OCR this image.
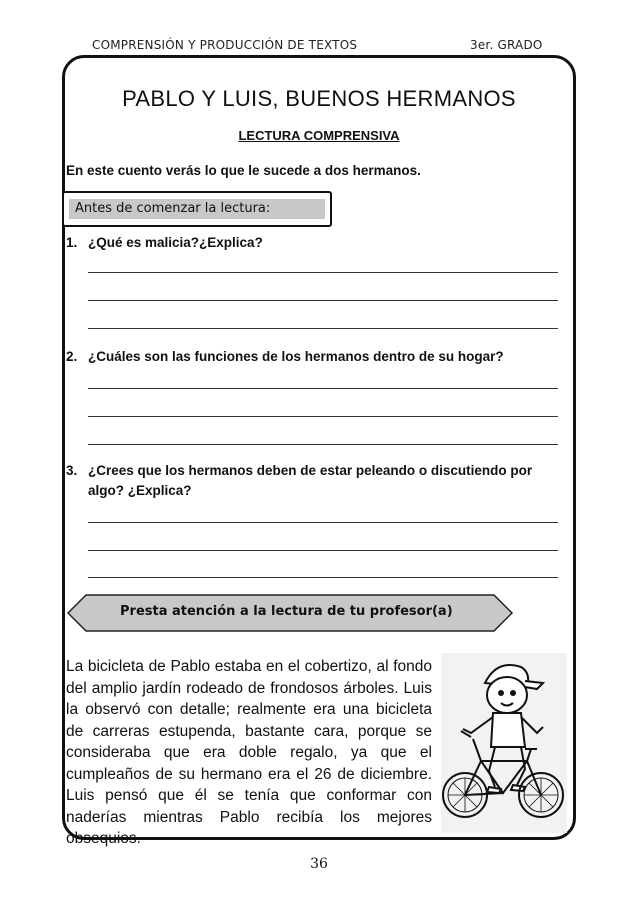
COMPRENSIÓN Y PRODUCCIÓN DE TEXTOS	3er. GRADO
PABLO Y LUIS, BUENOS HERMANOS
LECTURA COMPRENSIVA
En este cuento verás lo que le sucede a dos hermanos.
Antes de comenzar la lectura:
1. ¿Qué es malicia?¿Explica?
2. ¿Cuáles son las funciones de los hermanos dentro de su hogar?
3. ¿Crees que los hermanos deben de estar peleando o discutiendo por algo? ¿Explica?
Presta atención a la lectura de tu profesor(a)
La bicicleta de Pablo estaba en el cobertizo, al fondo del amplio jardín rodeado de frondosos árboles. Luis la observó con detalle; realmente era una bicicleta de carreras estupenda, bastante cara, porque se consideraba que era doble regalo, ya que el cumpleaños de su hermano era el 26 de diciembre. Luis pensó que él se tenía que conformar con naderías mientras Pablo recibía los mejores obsequios.
36
